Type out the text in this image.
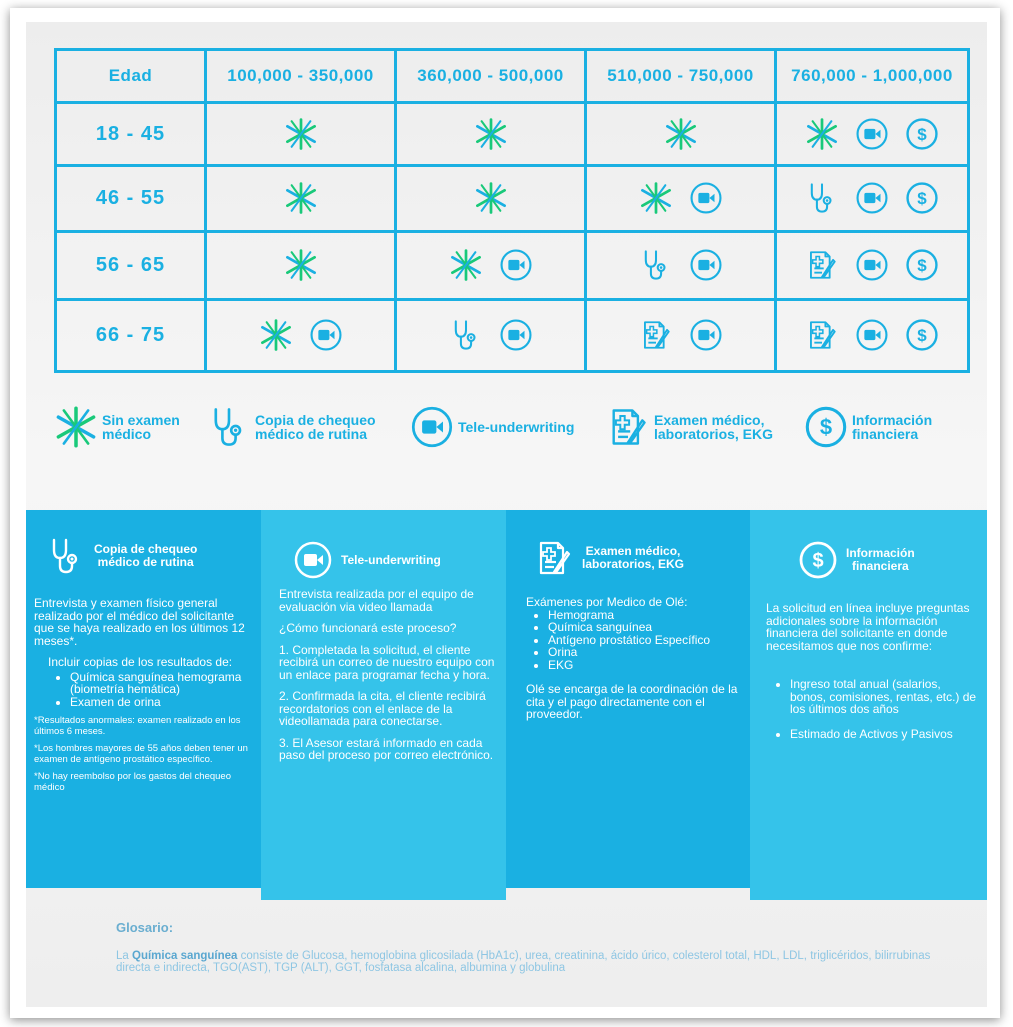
Edad	100,000 - 350,000	360,000 - 500,000	510,000 - 750,000	760,000 - 1,000,000
18 - 45				$

46 - 55				$

56 - 65				$

66 - 75				$
Sin examen
médico
Copia de chequeo
médico de rutina	Tele-underwriting	Examen médico,
laboratorios, EKG $ Información
financiera
Copia de chequeo
médico de rutina

Entrevista y examen físico general realizado por el médico del solicitante que se haya realizado en los últimos 12 meses*.

Incluir copias de los resultados de:

• Química sanguínea hemograma (biometría hemática)
• Examen de orina

*Resultados anormales: examen realizado en los últimos 6 meses.

*Los hombres mayores de 55 años deben tener un examen de antígeno prostático específico.

*No hay reembolso por los gastos del chequeo médico

Tele-underwriting

Entrevista realizada por el equipo de evaluación via video llamada

¿Cómo funcionará este proceso?

1. Completada la solicitud, el cliente recibirá un correo de nuestro equipo con un enlace para programar fecha y hora.

2. Confirmada la cita, el cliente recibirá recordatorios con el enlace de la videollamada para conectarse.

3. El Asesor estará informado en cada paso del proceso por correo electrónico.

Examen médico,
laboratorios, EKG

Exámenes por Medico de Olé:

• Hemograma
• Química sanguínea
• Antígeno prostático Específico
• Orina
• EKG

Olé se encarga de la coordinación de la cita y el pago directamente con el proveedor.

$ Información
financiera

La solicitud en línea incluye preguntas adicionales sobre la información financiera del solicitante en donde necesitamos que nos confirme:

• Ingreso total anual (salarios, bonos, comisiones, rentas, etc.) de los últimos dos años
• Estimado de Activos y Pasivos
Glosario:
La Química sanguínea consiste de Glucosa, hemoglobina glicosilada (HbA1c), urea, creatinina, ácido úrico, colesterol total, HDL, LDL, triglicéridos, bilirrubinas directa e indirecta, TGO(AST), TGP (ALT), GGT, fosfatasa alcalina, albumina y globulina
